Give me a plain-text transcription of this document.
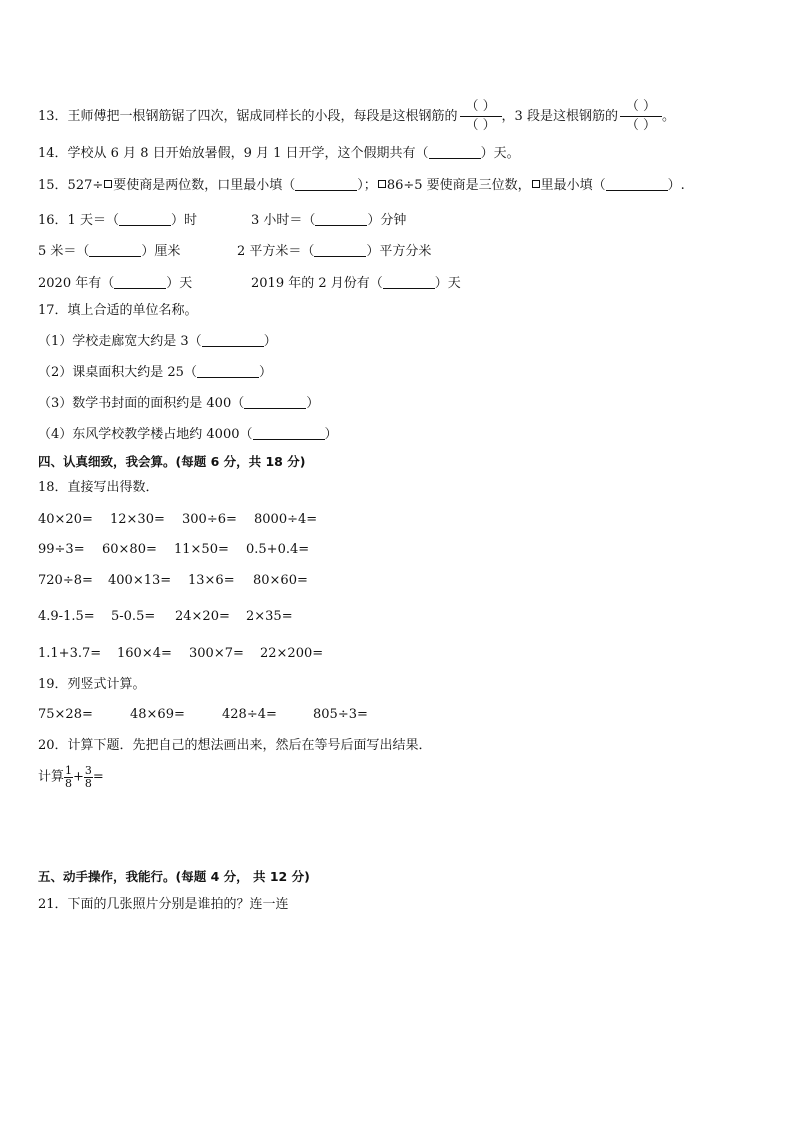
13．王师傅把一根钢筋锯了四次，锯成同样长的小段，每段是这根钢筋的 $\frac{( )}{( )}$ ，3 段是这根钢筋的 $\frac{( )}{( )}$ 。
14．学校从 6 月 8 日开始放暑假，9 月 1 日开学，这个假期共有（	）天。
15．527÷ 要使商是两位数，口里最小填（	）； 86÷5 要使商是三位数， 里最小填（	）.
16．1 天＝（	）时	3 小时＝（	）分钟
5 米＝（	）厘米	2 平方米＝（	）平方分米
2020 年有（	）天	2019 年的 2 月份有（	）天
17．填上合适的单位名称。
（1）学校走廊宽大约是 3（	）
（2）课桌面积大约是 25（	）
（3）数学书封面的面积约是 400（	）
（4）东风学校教学楼占地约 4000（	）
四、认真细致，我会算。(每题 6 分，共 18 分)
18．直接写出得数．
40×20= 12×30= 300÷6= 8000÷4=
99÷3= 60×80= 11×50= 0.5+0.4=
720÷8= 400×13= 13×6= 80×60=
4.9-1.5= 5-0.5= 24×20= 2×35=
1.1+3.7= 160×4= 300×7= 22×200=
19．列竖式计算。
75×28=	48×69=	428÷4=	805÷3=
20．计算下题．先把自己的想法画出来，然后在等号后面写出结果．
计算 $\frac{1}{8} + \frac{3}{8}$ =
五、动手操作，我能行。(每题 4 分， 共 12 分)
21．下面的几张照片分别是谁拍的？连一连
